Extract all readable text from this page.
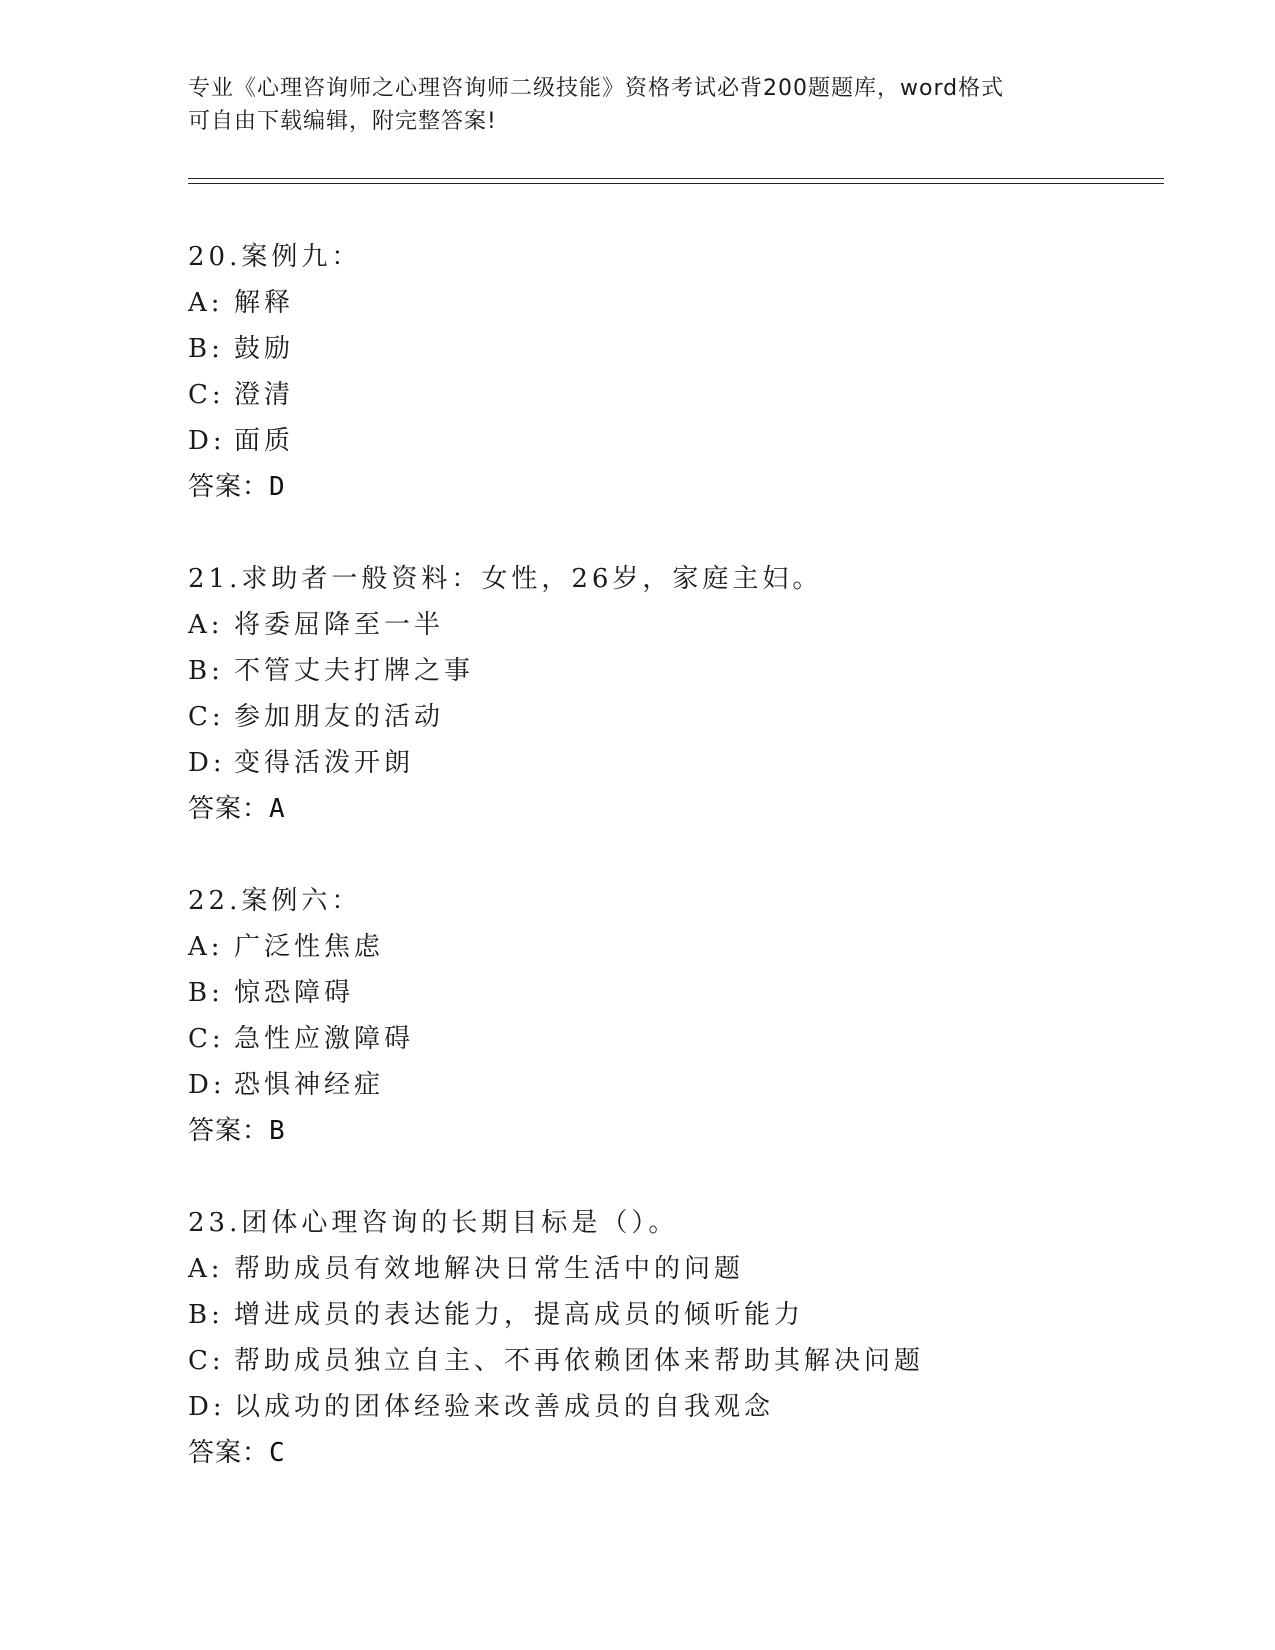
专业《心理咨询师之心理咨询师二级技能》资格考试必背200题题库，word格式
可自由下载编辑，附完整答案!
20.案例九：
A: 解释
B: 鼓励
C: 澄清
D: 面质
答案：D
21.求助者一般资料：女性，26岁，家庭主妇。
A: 将委屈降至一半
B: 不管丈夫打牌之事
C: 参加朋友的活动
D: 变得活泼开朗
答案：A
22.案例六：
A: 广泛性焦虑
B: 惊恐障碍
C: 急性应激障碍
D: 恐惧神经症
答案：B
23.团体心理咨询的长期目标是（）。
A: 帮助成员有效地解决日常生活中的问题
B: 增进成员的表达能力，提高成员的倾听能力
C: 帮助成员独立自主、不再依赖团体来帮助其解决问题
D: 以成功的团体经验来改善成员的自我观念
答案：C
